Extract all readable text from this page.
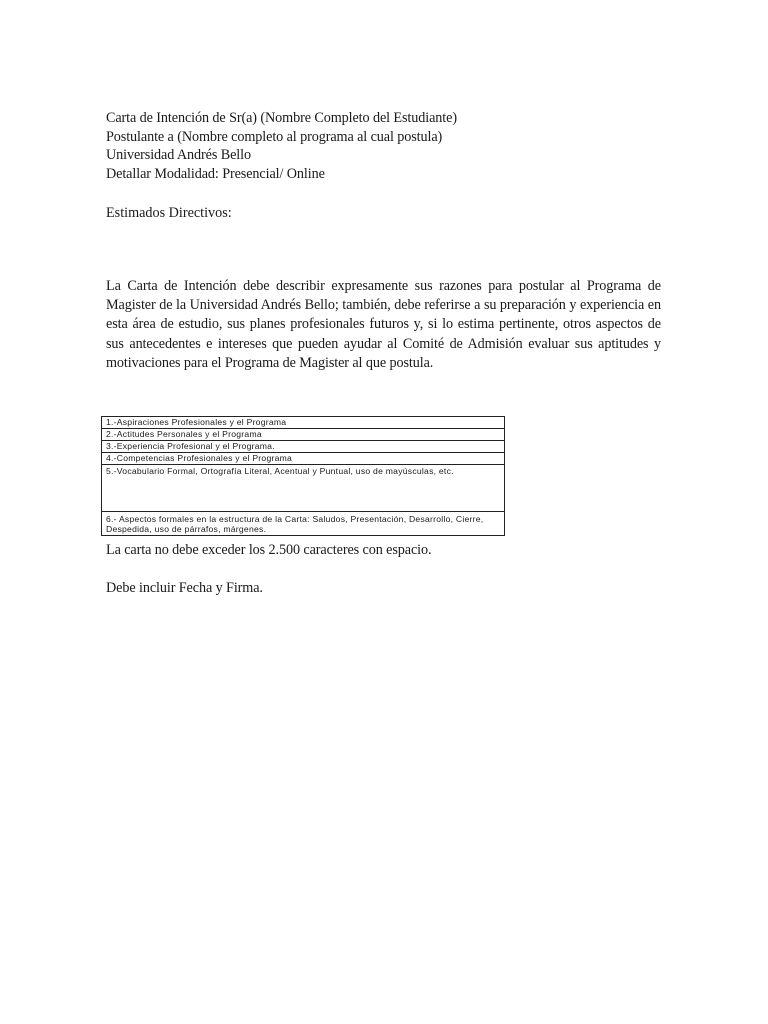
Carta de Intención de Sr(a) (Nombre Completo del Estudiante)
Postulante a (Nombre completo al programa al cual postula)
Universidad Andrés Bello
Detallar Modalidad: Presencial/ Online
Estimados Directivos:
La Carta de Intención debe describir expresamente sus razones para postular al Programa de Magister de la Universidad Andrés Bello; también, debe referirse a su preparación y experiencia en esta área de estudio, sus planes profesionales futuros y, si lo estima pertinente, otros aspectos de sus antecedentes e intereses que pueden ayudar al Comité de Admisión evaluar sus aptitudes y motivaciones para el Programa de Magister al que postula.
1.-Aspiraciones Profesionales y el Programa
2.-Actitudes Personales y el Programa
3.-Experiencia Profesional y el Programa.
4.-Competencias Profesionales y el Programa
5.-Vocabulario Formal, Ortografía Literal, Acentual y Puntual, uso de mayúsculas, etc.
6.- Aspectos formales en la estructura de la Carta: Saludos, Presentación, Desarrollo, Cierre, Despedida, uso de párrafos, márgenes.
La carta no debe exceder los 2.500 caracteres con espacio.
Debe incluir Fecha y Firma.
